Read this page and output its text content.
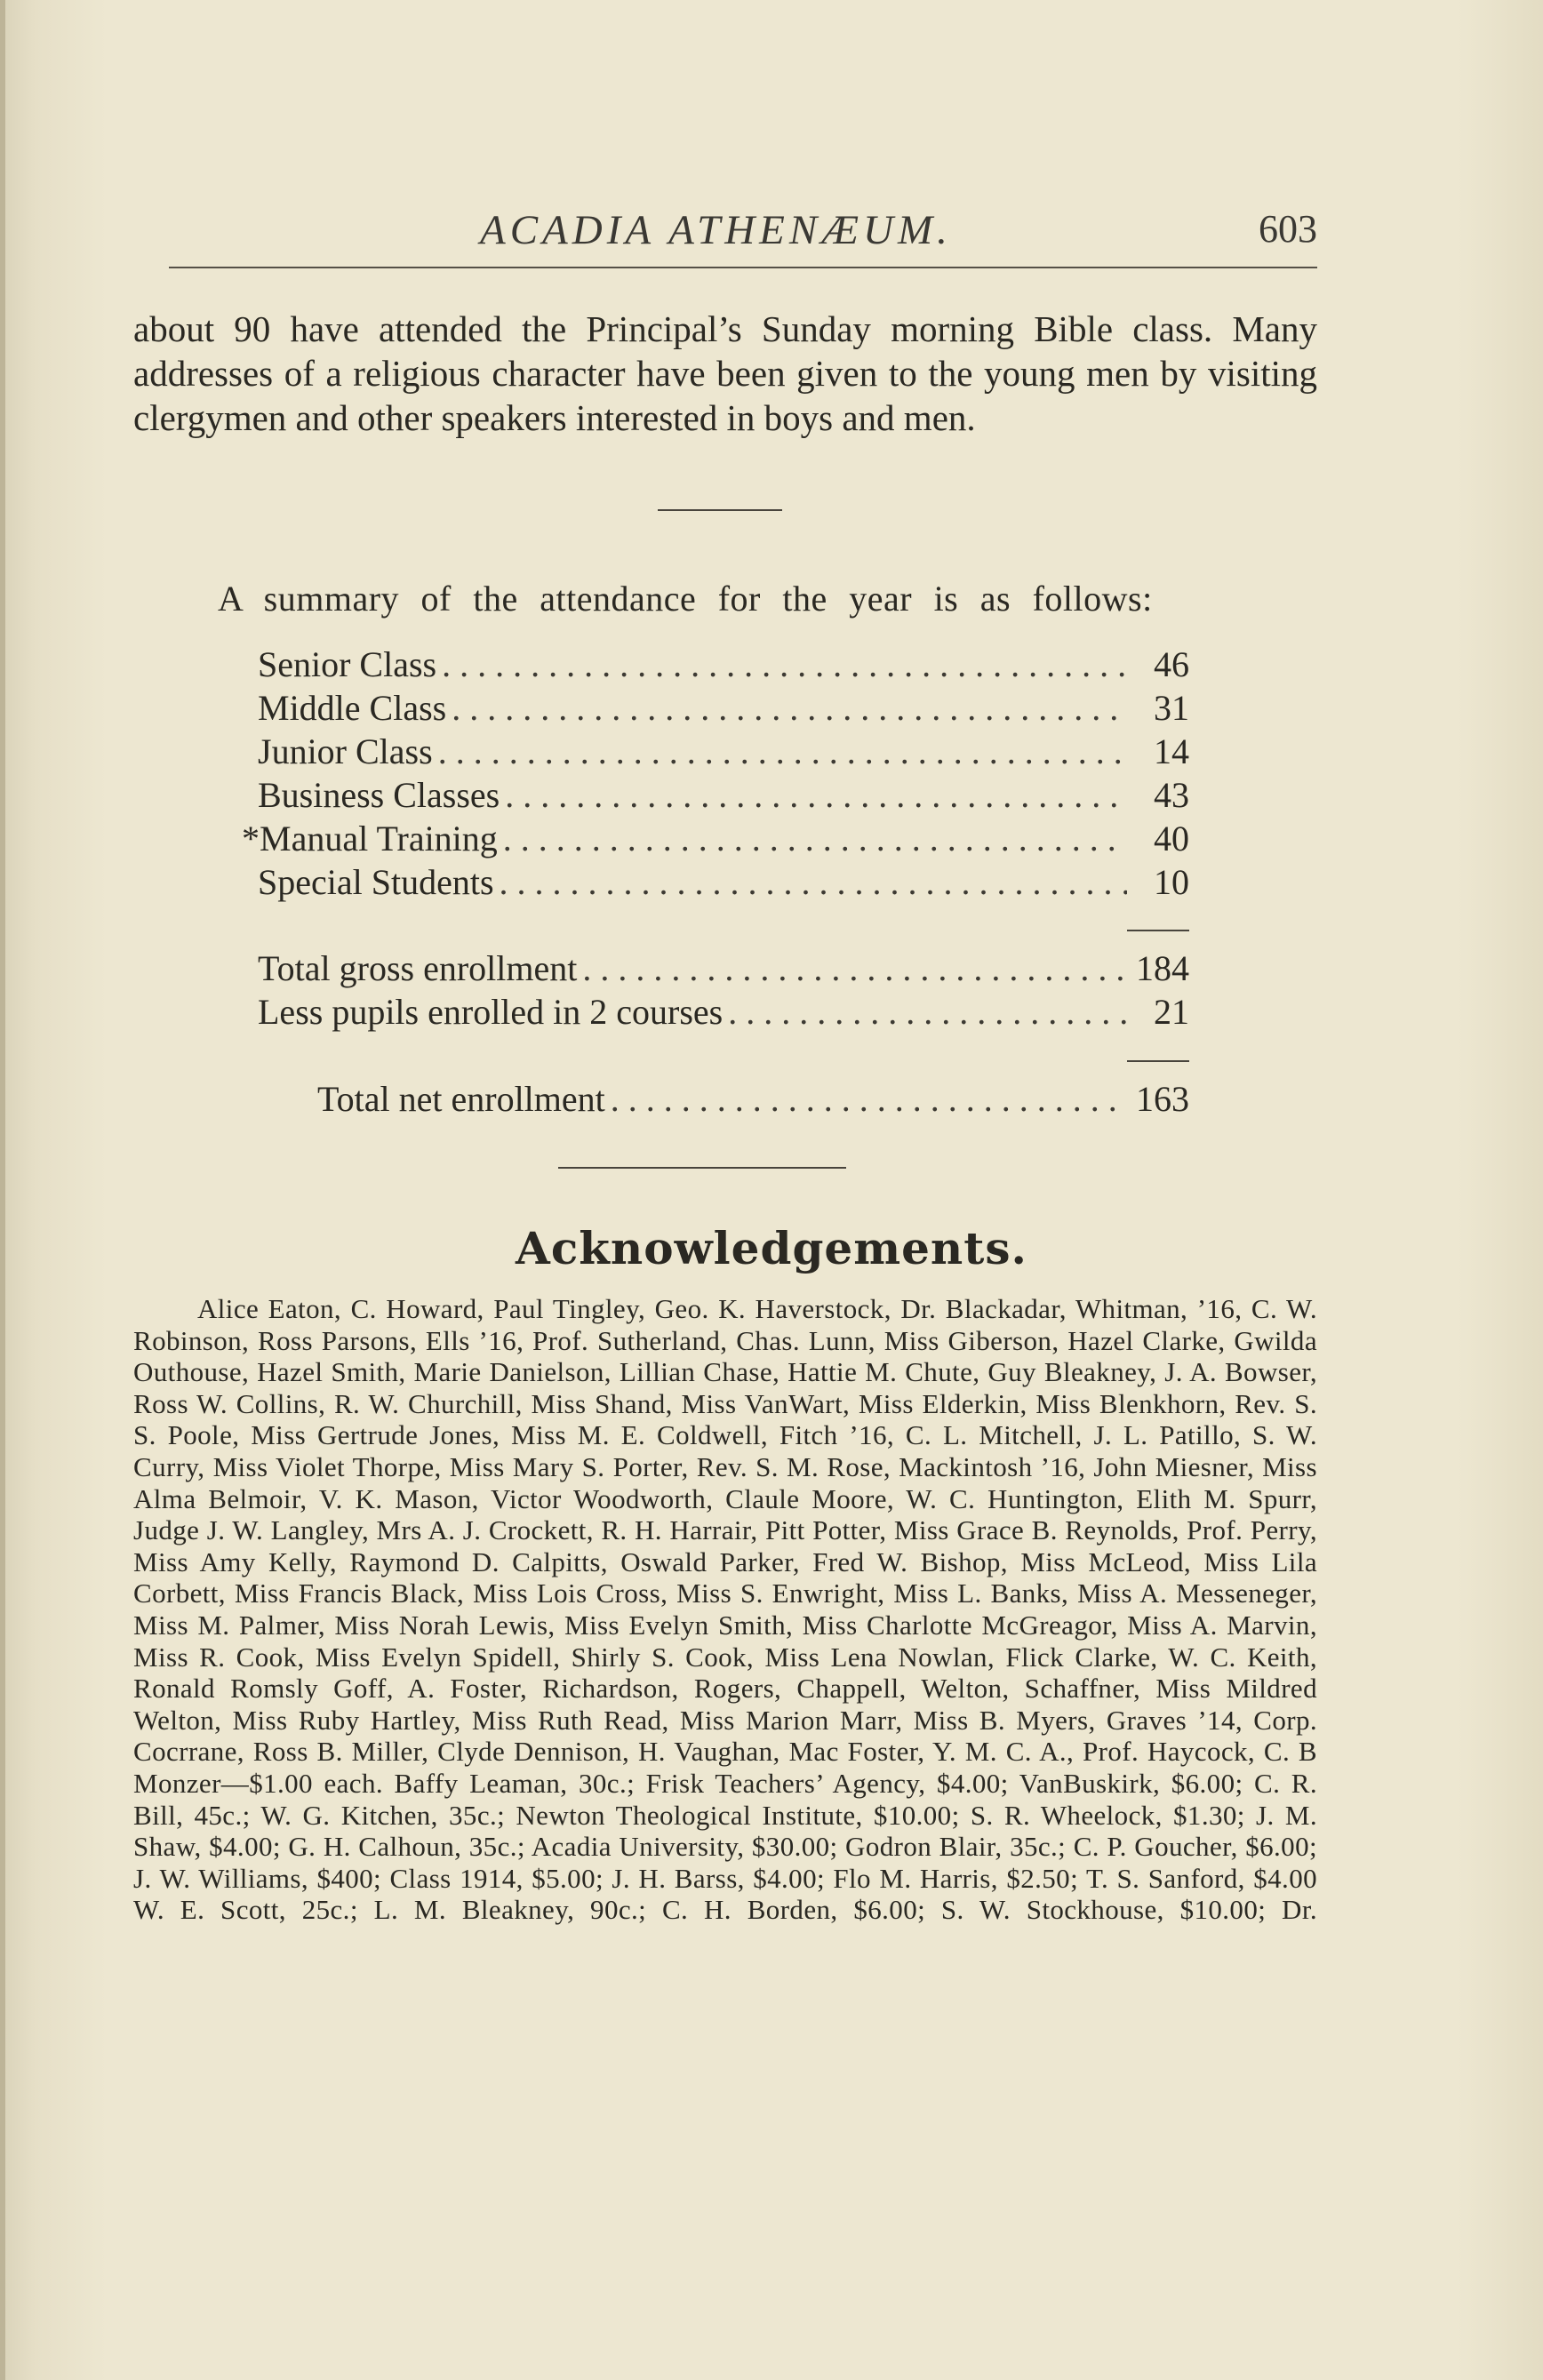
ACADIA ATHENÆUM.	603

about 90 have attended the Principal’s Sunday morning Bible class. Many addresses of a religious character have been given to the young men by visiting clergymen and other speakers interested in boys and men.

A summary of the attendance for the year is as follows:

Senior Class . . .	46
Middle Class . . .	31
Junior Class . . .	14
Business Classes . . .	43
*Manual Training . . .	40
Special Students . . .	10
Total gross enrollment . . .	184
Less pupils enrolled in 2 courses . . .	21
Total net enrollment . . .	163
Acknowledgements.

Alice Eaton, C. Howard, Paul Tingley, Geo. K. Haverstock, Dr. Blackadar, Whitman, ’16, C. W. Robinson, Ross Parsons, Ells ’16, Prof. Sutherland, Chas. Lunn, Miss Giberson, Hazel Clarke, Gwilda Outhouse, Hazel Smith, Marie Danielson, Lillian Chase, Hattie M. Chute, Guy Bleakney, J. A. Bowser, Ross W. Collins, R. W. Churchill, Miss Shand, Miss VanWart, Miss Elderkin, Miss Blenkhorn, Rev. S. S. Poole, Miss Gertrude Jones, Miss M. E. Coldwell, Fitch ’16, C. L. Mitchell, J. L. Patillo, S. W. Curry, Miss Violet Thorpe, Miss Mary S. Porter, Rev. S. M. Rose, Mackintosh ’16, John Miesner, Miss Alma Belmoir, V. K. Mason, Victor Woodworth, Claule Moore, W. C. Huntington, Elith M. Spurr, Judge J. W. Langley, Mrs A. J. Crockett, R. H. Harrair, Pitt Potter, Miss Grace B. Reynolds, Prof. Perry, Miss Amy Kelly, Raymond D. Calpitts, Oswald Parker, Fred W. Bishop, Miss McLeod, Miss Lila Corbett, Miss Francis Black, Miss Lois Cross, Miss S. Enwright, Miss L. Banks, Miss A. Messeneger, Miss M. Palmer, Miss Norah Lewis, Miss Evelyn Smith, Miss Charlotte McGreagor, Miss A. Marvin, Miss R. Cook, Miss Evelyn Spidell, Shirly S. Cook, Miss Lena Nowlan, Flick Clarke, W. C. Keith, Ronald Romsly Goff, A. Foster, Richardson, Rogers, Chappell, Welton, Schaffner, Miss Mildred Welton, Miss Ruby Hartley, Miss Ruth Read, Miss Marion Marr, Miss B. Myers, Graves ’14, Corp. Cocrrane, Ross B. Miller, Clyde Dennison, H. Vaughan, Mac Foster, Y. M. C. A., Prof. Haycock, C. B Monzer—$1.00 each. Baffy Leaman, 30c.; Frisk Teachers’ Agency, $4.00; VanBuskirk, $6.00; C. R. Bill, 45c.; W. G. Kitchen, 35c.; Newton Theological Institute, $10.00; S. R. Wheelock, $1.30; J. M. Shaw, $4.00; G. H. Calhoun, 35c.; Acadia University, $30.00; Godron Blair, 35c.; C. P. Goucher, $6.00; J. W. Williams, $400; Class 1914, $5.00; J. H. Barss, $4.00; Flo M. Harris, $2.50; T. S. Sanford, $4.00 W. E. Scott, 25c.; L. M. Bleakney, 90c.; C. H. Borden, $6.00; S. W. Stockhouse, $10.00; Dr.
